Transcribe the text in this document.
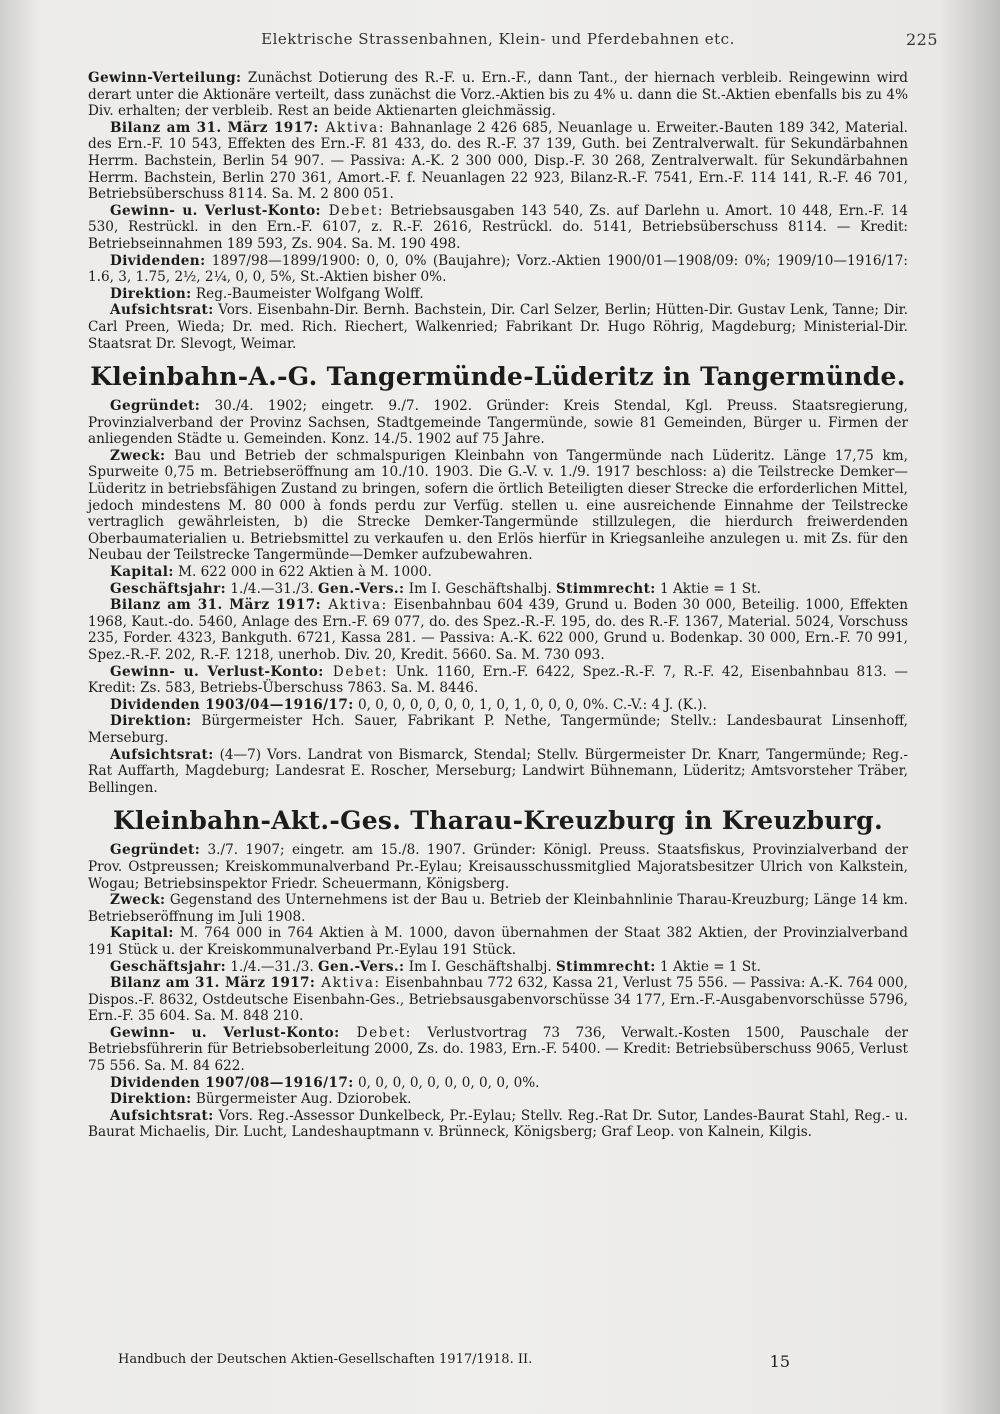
Elektrische Strassenbahnen, Klein- und Pferdebahnen etc.	225

Gewinn-Verteilung: Zunächst Dotierung des R.-F. u. Ern.-F., dann Tant., der hiernach verbleib. Reingewinn wird derart unter die Aktionäre verteilt, dass zunächst die Vorz.-Aktien bis zu 4% u. dann die St.-Aktien ebenfalls bis zu 4% Div. erhalten; der verbleib. Rest an beide Aktienarten gleichmässig.

Bilanz am 31. März 1917: Aktiva: Bahnanlage 2 426 685, Neuanlage u. Erweiter.-Bauten 189 342, Material. des Ern.-F. 10 543, Effekten des Ern.-F. 81 433, do. des R.-F. 37 139, Guth. bei Zentralverwalt. für Sekundärbahnen Herrm. Bachstein, Berlin 54 907. — Passiva: A.-K. 2 300 000, Disp.-F. 30 268, Zentralverwalt. für Sekundärbahnen Herrm. Bachstein, Berlin 270 361, Amort.-F. f. Neuanlagen 22 923, Bilanz-R.-F. 7541, Ern.-F. 114 141, R.-F. 46 701, Betriebsüberschuss 8114. Sa. M. 2 800 051.

Gewinn- u. Verlust-Konto: Debet: Betriebsausgaben 143 540, Zs. auf Darlehn u. Amort. 10 448, Ern.-F. 14 530, Restrückl. in den Ern.-F. 6107, z. R.-F. 2616, Restrückl. do. 5141, Betriebsüberschuss 8114. — Kredit: Betriebseinnahmen 189 593, Zs. 904. Sa. M. 190 498.

Dividenden: 1897/98—1899/1900: 0, 0, 0% (Baujahre); Vorz.-Aktien 1900/01—1908/09: 0%; 1909/10—1916/17: 1.6, 3, 1.75, 2½, 2¼, 0, 0, 5%, St.-Aktien bisher 0%.

Direktion: Reg.-Baumeister Wolfgang Wolff.

Aufsichtsrat: Vors. Eisenbahn-Dir. Bernh. Bachstein, Dir. Carl Selzer, Berlin; Hütten-Dir. Gustav Lenk, Tanne; Dir. Carl Preen, Wieda; Dr. med. Rich. Riechert, Walkenried; Fabrikant Dr. Hugo Röhrig, Magdeburg; Ministerial-Dir. Staatsrat Dr. Slevogt, Weimar.

Kleinbahn-A.-G. Tangermünde-Lüderitz in Tangermünde.

Gegründet: 30./4. 1902; eingetr. 9./7. 1902. Gründer: Kreis Stendal, Kgl. Preuss. Staatsregierung, Provinzialverband der Provinz Sachsen, Stadtgemeinde Tangermünde, sowie 81 Gemeinden, Bürger u. Firmen der anliegenden Städte u. Gemeinden. Konz. 14./5. 1902 auf 75 Jahre.

Zweck: Bau und Betrieb der schmalspurigen Kleinbahn von Tangermünde nach Lüderitz. Länge 17,75 km, Spurweite 0,75 m. Betriebseröffnung am 10./10. 1903. Die G.-V. v. 1./9. 1917 beschloss: a) die Teilstrecke Demker—Lüderitz in betriebsfähigen Zustand zu bringen, sofern die örtlich Beteiligten dieser Strecke die erforderlichen Mittel, jedoch mindestens M. 80 000 à fonds perdu zur Verfüg. stellen u. eine ausreichende Einnahme der Teilstrecke vertraglich gewährleisten, b) die Strecke Demker-Tangermünde stillzulegen, die hierdurch freiwerdenden Oberbaumaterialien u. Betriebsmittel zu verkaufen u. den Erlös hierfür in Kriegsanleihe anzulegen u. mit Zs. für den Neubau der Teilstrecke Tangermünde—Demker aufzubewahren.

Kapital: M. 622 000 in 622 Aktien à M. 1000.

Geschäftsjahr: 1./4.—31./3. Gen.-Vers.: Im I. Geschäftshalbj. Stimmrecht: 1 Aktie = 1 St.

Bilanz am 31. März 1917: Aktiva: Eisenbahnbau 604 439, Grund u. Boden 30 000, Beteilig. 1000, Effekten 1968, Kaut.-do. 5460, Anlage des Ern.-F. 69 077, do. des Spez.-R.-F. 195, do. des R.-F. 1367, Material. 5024, Vorschuss 235, Forder. 4323, Bankguth. 6721, Kassa 281. — Passiva: A.-K. 622 000, Grund u. Bodenkap. 30 000, Ern.-F. 70 991, Spez.-R.-F. 202, R.-F. 1218, unerhob. Div. 20, Kredit. 5660. Sa. M. 730 093.

Gewinn- u. Verlust-Konto: Debet: Unk. 1160, Ern.-F. 6422, Spez.-R.-F. 7, R.-F. 42, Eisenbahnbau 813. — Kredit: Zs. 583, Betriebs-Überschuss 7863. Sa. M. 8446.

Dividenden 1903/04—1916/17: 0, 0, 0, 0, 0, 0, 0, 1, 0, 1, 0, 0, 0, 0%. C.-V.: 4 J. (K.).

Direktion: Bürgermeister Hch. Sauer, Fabrikant P. Nethe, Tangermünde; Stellv.: Landesbaurat Linsenhoff, Merseburg.

Aufsichtsrat: (4—7) Vors. Landrat von Bismarck, Stendal; Stellv. Bürgermeister Dr. Knarr, Tangermünde; Reg.-Rat Auffarth, Magdeburg; Landesrat E. Roscher, Merseburg; Landwirt Bühnemann, Lüderitz; Amtsvorsteher Träber, Bellingen.

Kleinbahn-Akt.-Ges. Tharau-Kreuzburg in Kreuzburg.

Gegründet: 3./7. 1907; eingetr. am 15./8. 1907. Gründer: Königl. Preuss. Staatsfiskus, Provinzialverband der Prov. Ostpreussen; Kreiskommunalverband Pr.-Eylau; Kreisausschussmitglied Majoratsbesitzer Ulrich von Kalkstein, Wogau; Betriebsinspektor Friedr. Scheuermann, Königsberg.

Zweck: Gegenstand des Unternehmens ist der Bau u. Betrieb der Kleinbahnlinie Tharau-Kreuzburg; Länge 14 km. Betriebseröffnung im Juli 1908.

Kapital: M. 764 000 in 764 Aktien à M. 1000, davon übernahmen der Staat 382 Aktien, der Provinzialverband 191 Stück u. der Kreiskommunalverband Pr.-Eylau 191 Stück.

Geschäftsjahr: 1./4.—31./3. Gen.-Vers.: Im I. Geschäftshalbj. Stimmrecht: 1 Aktie = 1 St.

Bilanz am 31. März 1917: Aktiva: Eisenbahnbau 772 632, Kassa 21, Verlust 75 556. — Passiva: A.-K. 764 000, Dispos.-F. 8632, Ostdeutsche Eisenbahn-Ges., Betriebsausgabenvorschüsse 34 177, Ern.-F.-Ausgabenvorschüsse 5796, Ern.-F. 35 604. Sa. M. 848 210.

Gewinn- u. Verlust-Konto: Debet: Verlustvortrag 73 736, Verwalt.-Kosten 1500, Pauschale der Betriebsführerin für Betriebsoberleitung 2000, Zs. do. 1983, Ern.-F. 5400. — Kredit: Betriebsüberschuss 9065, Verlust 75 556. Sa. M. 84 622.

Dividenden 1907/08—1916/17: 0, 0, 0, 0, 0, 0, 0, 0, 0, 0%.

Direktion: Bürgermeister Aug. Dziorobek.

Aufsichtsrat: Vors. Reg.-Assessor Dunkelbeck, Pr.-Eylau; Stellv. Reg.-Rat Dr. Sutor, Landes-Baurat Stahl, Reg.- u. Baurat Michaelis, Dir. Lucht, Landeshauptmann v. Brünneck, Königsberg; Graf Leop. von Kalnein, Kilgis.

Handbuch der Deutschen Aktien-Gesellschaften 1917/1918. II.	15
